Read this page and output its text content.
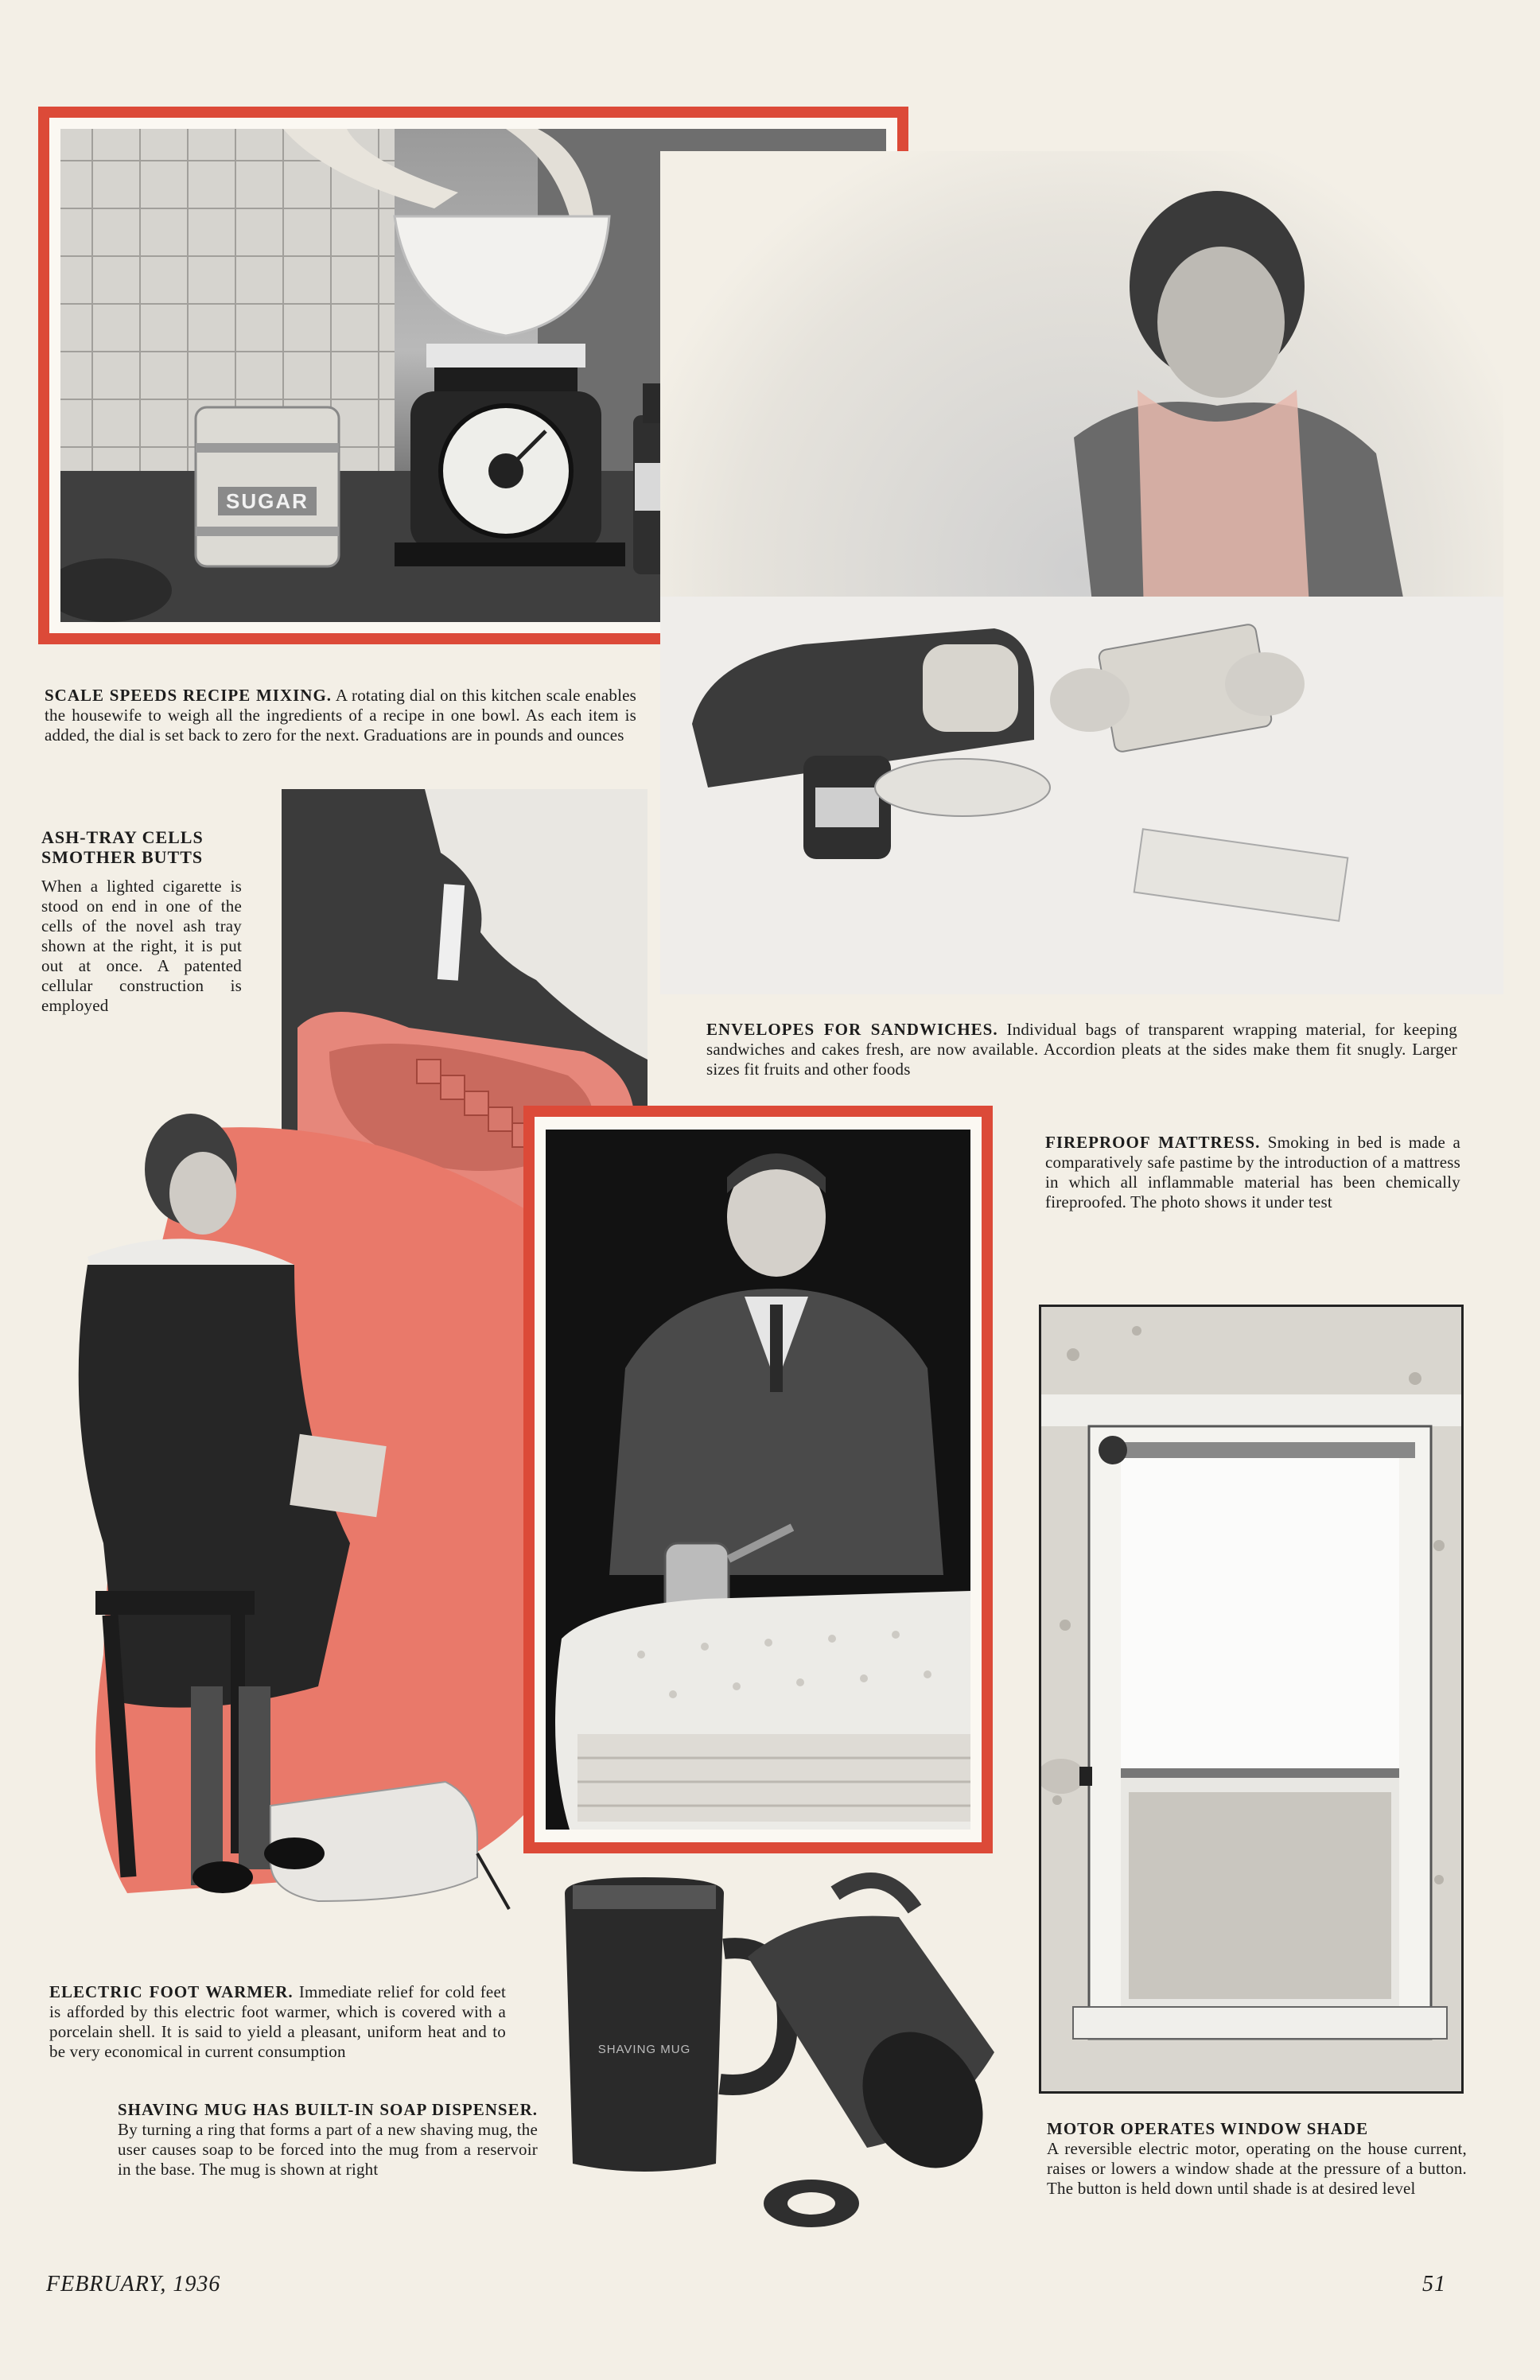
SUGAR
SCALE SPEEDS RECIPE MIXING. A rotating dial on this kitchen scale enables the housewife to weigh all the ingredients of a recipe in one bowl. As each item is added, the dial is set back to zero for the next. Graduations are in pounds and ounces
ASH-TRAY CELLS
SMOTHER BUTTS
When a lighted cigarette is stood on end in one of the cells of the novel ash tray shown at the right, it is put out at once. A patented cellular construction is employed
ENVELOPES FOR SANDWICHES. Individual bags of transparent wrapping material, for keeping sandwiches and cakes fresh, are now available. Accordion pleats at the sides make them fit snugly. Larger sizes fit fruits and other foods
FIREPROOF MATTRESS. Smoking in bed is made a comparatively safe pastime by the introduction of a mattress in which all inflammable material has been chemically fireproofed. The photo shows it under test
ELECTRIC FOOT WARMER. Immediate relief for cold feet is afforded by this electric foot warmer, which is covered with a porcelain shell. It is said to yield a pleasant, uniform heat and to be very economical in current consumption	SHAVING MUG
SHAVING MUG HAS BUILT-IN SOAP DISPENSER. By turning a ring that forms a part of a new shaving mug, the user causes soap to be forced into the mug from a reservoir in the base. The mug is shown at right
MOTOR OPERATES WINDOW SHADE
A reversible electric motor, operating on the house current, raises or lowers a window shade at the pressure of a button. The button is held down until shade is at desired level
FEBRUARY, 1936	51
